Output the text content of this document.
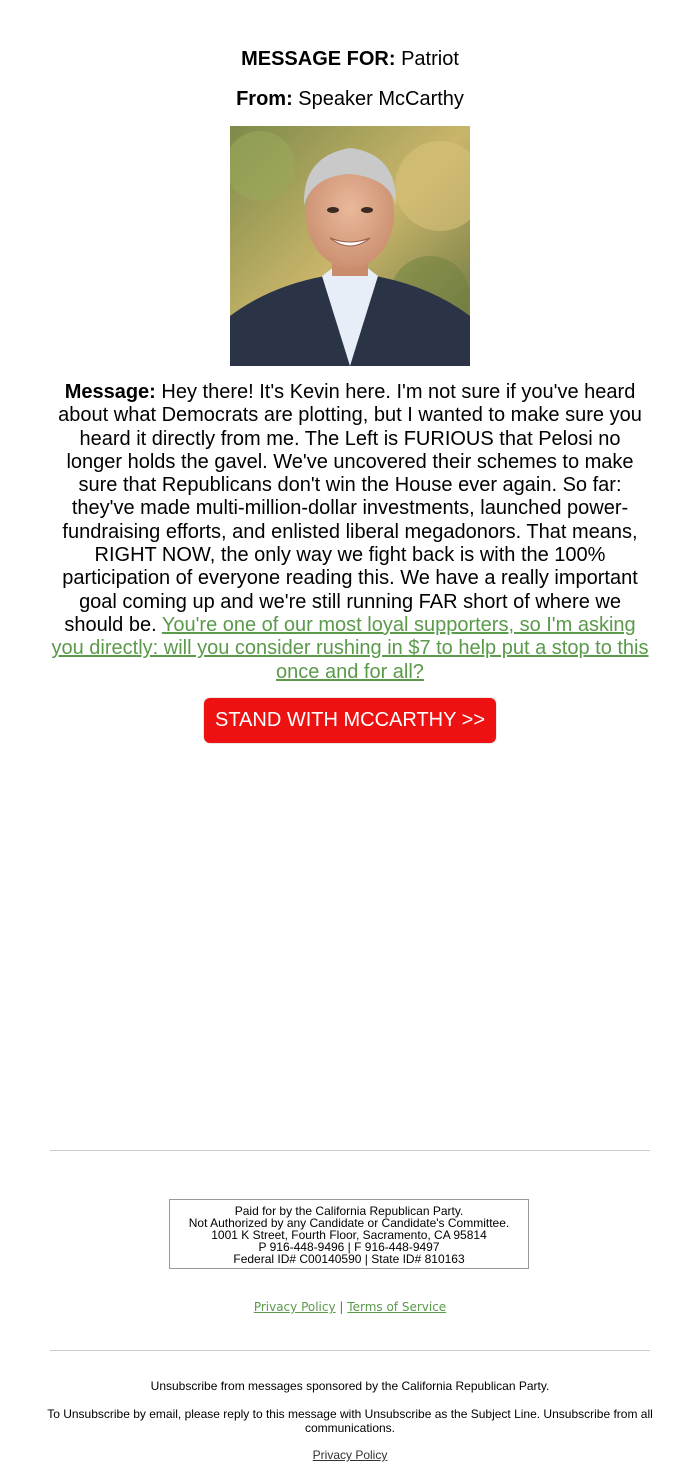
MESSAGE FOR: Patriot
From: Speaker McCarthy
Message: Hey there! It's Kevin here. I'm not sure if you've heard about what Democrats are plotting, but I wanted to make sure you heard it directly from me. The Left is FURIOUS that Pelosi no longer holds the gavel. We've uncovered their schemes to make sure that Republicans don't win the House ever again. So far: they've made multi-million-dollar investments, launched power-fundraising efforts, and enlisted liberal megadonors. That means, RIGHT NOW, the only way we fight back is with the 100% participation of everyone reading this. We have a really important goal coming up and we're still running FAR short of where we should be. You're one of our most loyal supporters, so I'm asking you directly: will you consider rushing in $7 to help put a stop to this once and for all?
STAND WITH MCCARTHY >>
Paid for by the California Republican Party.
Not Authorized by any Candidate or Candidate's Committee.
1001 K Street, Fourth Floor, Sacramento, CA 95814
P 916-448-9496 | F 916-448-9497
Federal ID# C00140590 | State ID# 810163
Privacy Policy | Terms of Service
Unsubscribe from messages sponsored by the California Republican Party.
To Unsubscribe by email, please reply to this message with Unsubscribe as the Subject Line. Unsubscribe from all communications.
Privacy Policy
